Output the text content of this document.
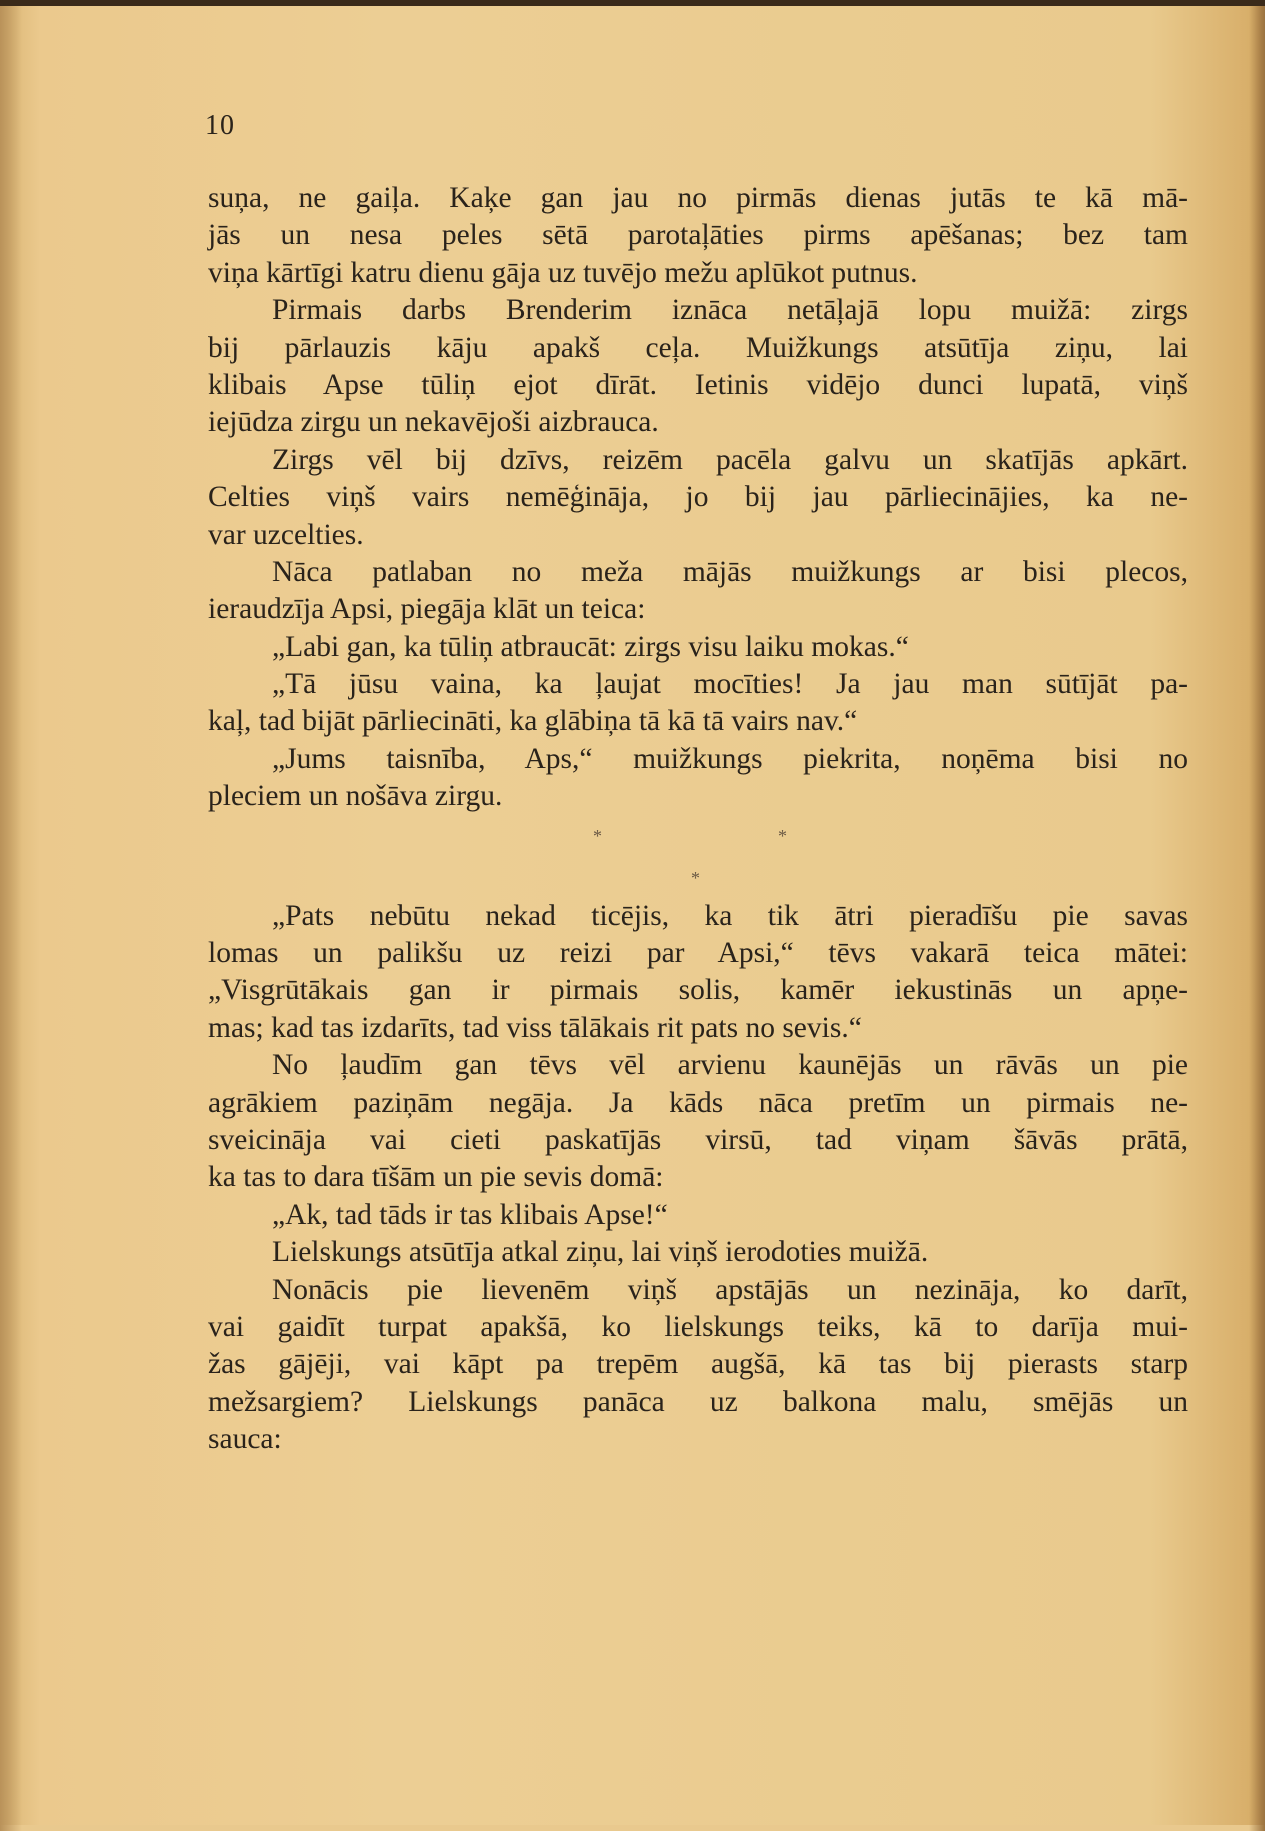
10
suņa, ne gaiļa. Kaķe gan jau no pirmās dienas jutās te kā mā-
jās un nesa peles sētā parotaļāties pirms apēšanas; bez tam
viņa kārtīgi katru dienu gāja uz tuvējo mežu aplūkot putnus.
Pirmais darbs Brenderim iznāca netāļajā lopu muižā: zirgs
bij pārlauzis kāju apakš ceļa. Muižkungs atsūtīja ziņu, lai
klibais Apse tūliņ ejot dīrāt. Ietinis vidējo dunci lupatā, viņš
iejūdza zirgu un nekavējoši aizbrauca.
Zirgs vēl bij dzīvs, reizēm pacēla galvu un skatījās apkārt.
Celties viņš vairs nemēģināja, jo bij jau pārliecinājies, ka ne-
var uzcelties.
Nāca patlaban no meža mājās muižkungs ar bisi plecos,
ieraudzīja Apsi, piegāja klāt un teica:
„Labi gan, ka tūliņ atbraucāt: zirgs visu laiku mokas.“
„Tā jūsu vaina, ka ļaujat mocīties! Ja jau man sūtījāt pa-
kaļ, tad bijāt pārliecināti, ka glābiņa tā kā tā vairs nav.“
„Jums taisnība, Aps,“ muižkungs piekrita, noņēma bisi no
pleciem un nošāva zirgu.
*	*
*
„Pats nebūtu nekad ticējis, ka tik ātri pieradīšu pie savas
lomas un palikšu uz reizi par Apsi,“ tēvs vakarā teica mātei:
„Visgrūtākais gan ir pirmais solis, kamēr iekustinās un apņe-
mas; kad tas izdarīts, tad viss tālākais rit pats no sevis.“
No ļaudīm gan tēvs vēl arvienu kaunējās un rāvās un pie
agrākiem paziņām negāja. Ja kāds nāca pretīm un pirmais ne-
sveicināja vai cieti paskatījās virsū, tad viņam šāvās prātā,
ka tas to dara tīšām un pie sevis domā:
„Ak, tad tāds ir tas klibais Apse!“
Lielskungs atsūtīja atkal ziņu, lai viņš ierodoties muižā.
Nonācis pie lievenēm viņš apstājās un nezināja, ko darīt,
vai gaidīt turpat apakšā, ko lielskungs teiks, kā to darīja mui-
žas gājēji, vai kāpt pa trepēm augšā, kā tas bij pierasts starp
mežsargiem? Lielskungs panāca uz balkona malu, smējās un
sauca:
